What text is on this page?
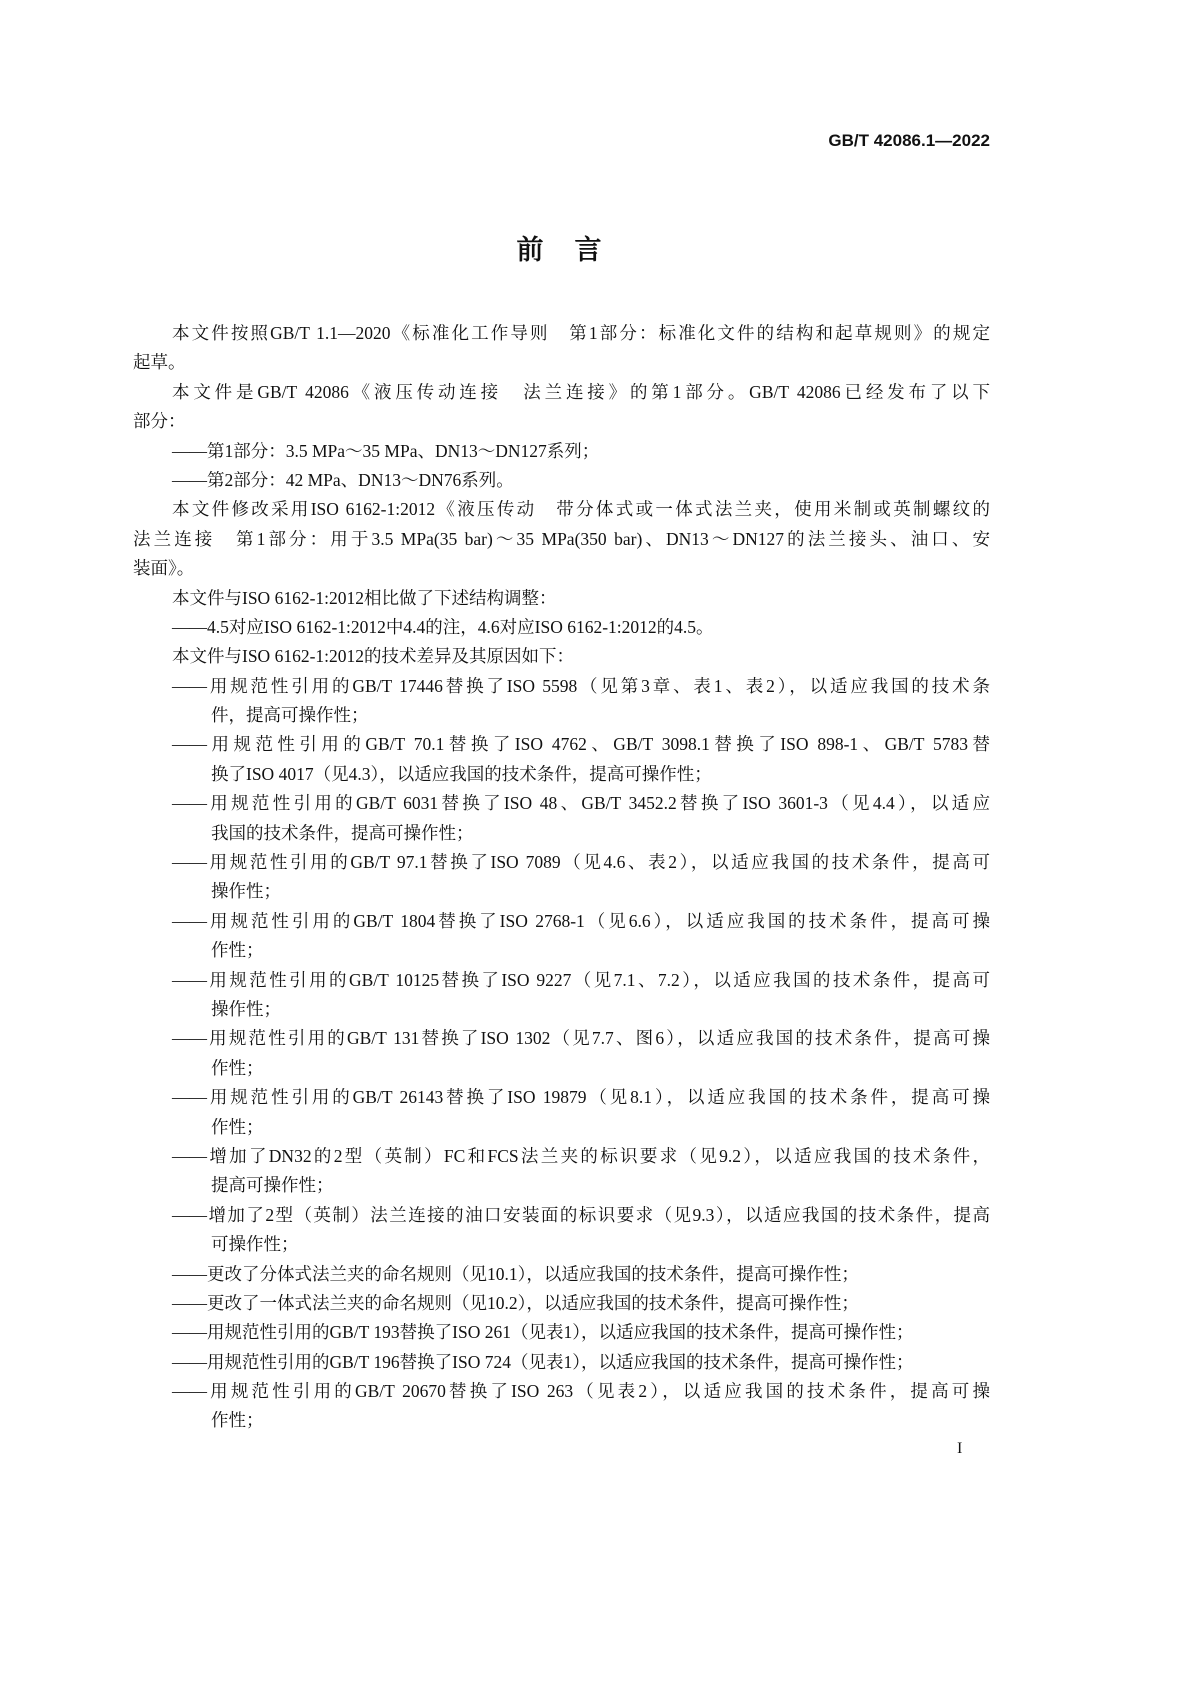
GB/T 42086.1—2022
前　言
本文件按照GB/T 1.1—2020《标准化工作导则　第1部分：标准化文件的结构和起草规则》的规定
起草。
本文件是GB/T 42086《液压传动连接　法兰连接》的第1部分。GB/T 42086已经发布了以下
部分：
——第1部分：3.5 MPa～35 MPa、DN13～DN127系列；
——第2部分：42 MPa、DN13～DN76系列。
本文件修改采用ISO 6162-1:2012《液压传动　带分体式或一体式法兰夹，使用米制或英制螺纹的
法兰连接　第1部分：用于3.5 MPa(35 bar)～35 MPa(350 bar)、DN13～DN127的法兰接头、油口、安
装面》。
本文件与ISO 6162-1:2012相比做了下述结构调整：
——4.5对应ISO 6162-1:2012中4.4的注，4.6对应ISO 6162-1:2012的4.5。
本文件与ISO 6162-1:2012的技术差异及其原因如下：
——用规范性引用的GB/T 17446替换了ISO 5598（见第3章、表1、表2），以适应我国的技术条
件，提高可操作性；
——用规范性引用的GB/T 70.1替换了ISO 4762、GB/T 3098.1替换了ISO 898-1、GB/T 5783替
换了ISO 4017（见4.3），以适应我国的技术条件，提高可操作性；
——用规范性引用的GB/T 6031替换了ISO 48、GB/T 3452.2替换了ISO 3601-3（见4.4），以适应
我国的技术条件，提高可操作性；
——用规范性引用的GB/T 97.1替换了ISO 7089（见4.6、表2），以适应我国的技术条件，提高可
操作性；
——用规范性引用的GB/T 1804替换了ISO 2768-1（见6.6），以适应我国的技术条件，提高可操
作性；
——用规范性引用的GB/T 10125替换了ISO 9227（见7.1、7.2），以适应我国的技术条件，提高可
操作性；
——用规范性引用的GB/T 131替换了ISO 1302（见7.7、图6），以适应我国的技术条件，提高可操
作性；
——用规范性引用的GB/T 26143替换了ISO 19879（见8.1），以适应我国的技术条件，提高可操
作性；
——增加了DN32的2型（英制）FC和FCS法兰夹的标识要求（见9.2），以适应我国的技术条件，
提高可操作性；
——增加了2型（英制）法兰连接的油口安装面的标识要求（见9.3），以适应我国的技术条件，提高
可操作性；
——更改了分体式法兰夹的命名规则（见10.1），以适应我国的技术条件，提高可操作性；
——更改了一体式法兰夹的命名规则（见10.2），以适应我国的技术条件，提高可操作性；
——用规范性引用的GB/T 193替换了ISO 261（见表1），以适应我国的技术条件，提高可操作性；
——用规范性引用的GB/T 196替换了ISO 724（见表1），以适应我国的技术条件，提高可操作性；
——用规范性引用的GB/T 20670替换了ISO 263（见表2），以适应我国的技术条件，提高可操
作性；
I
